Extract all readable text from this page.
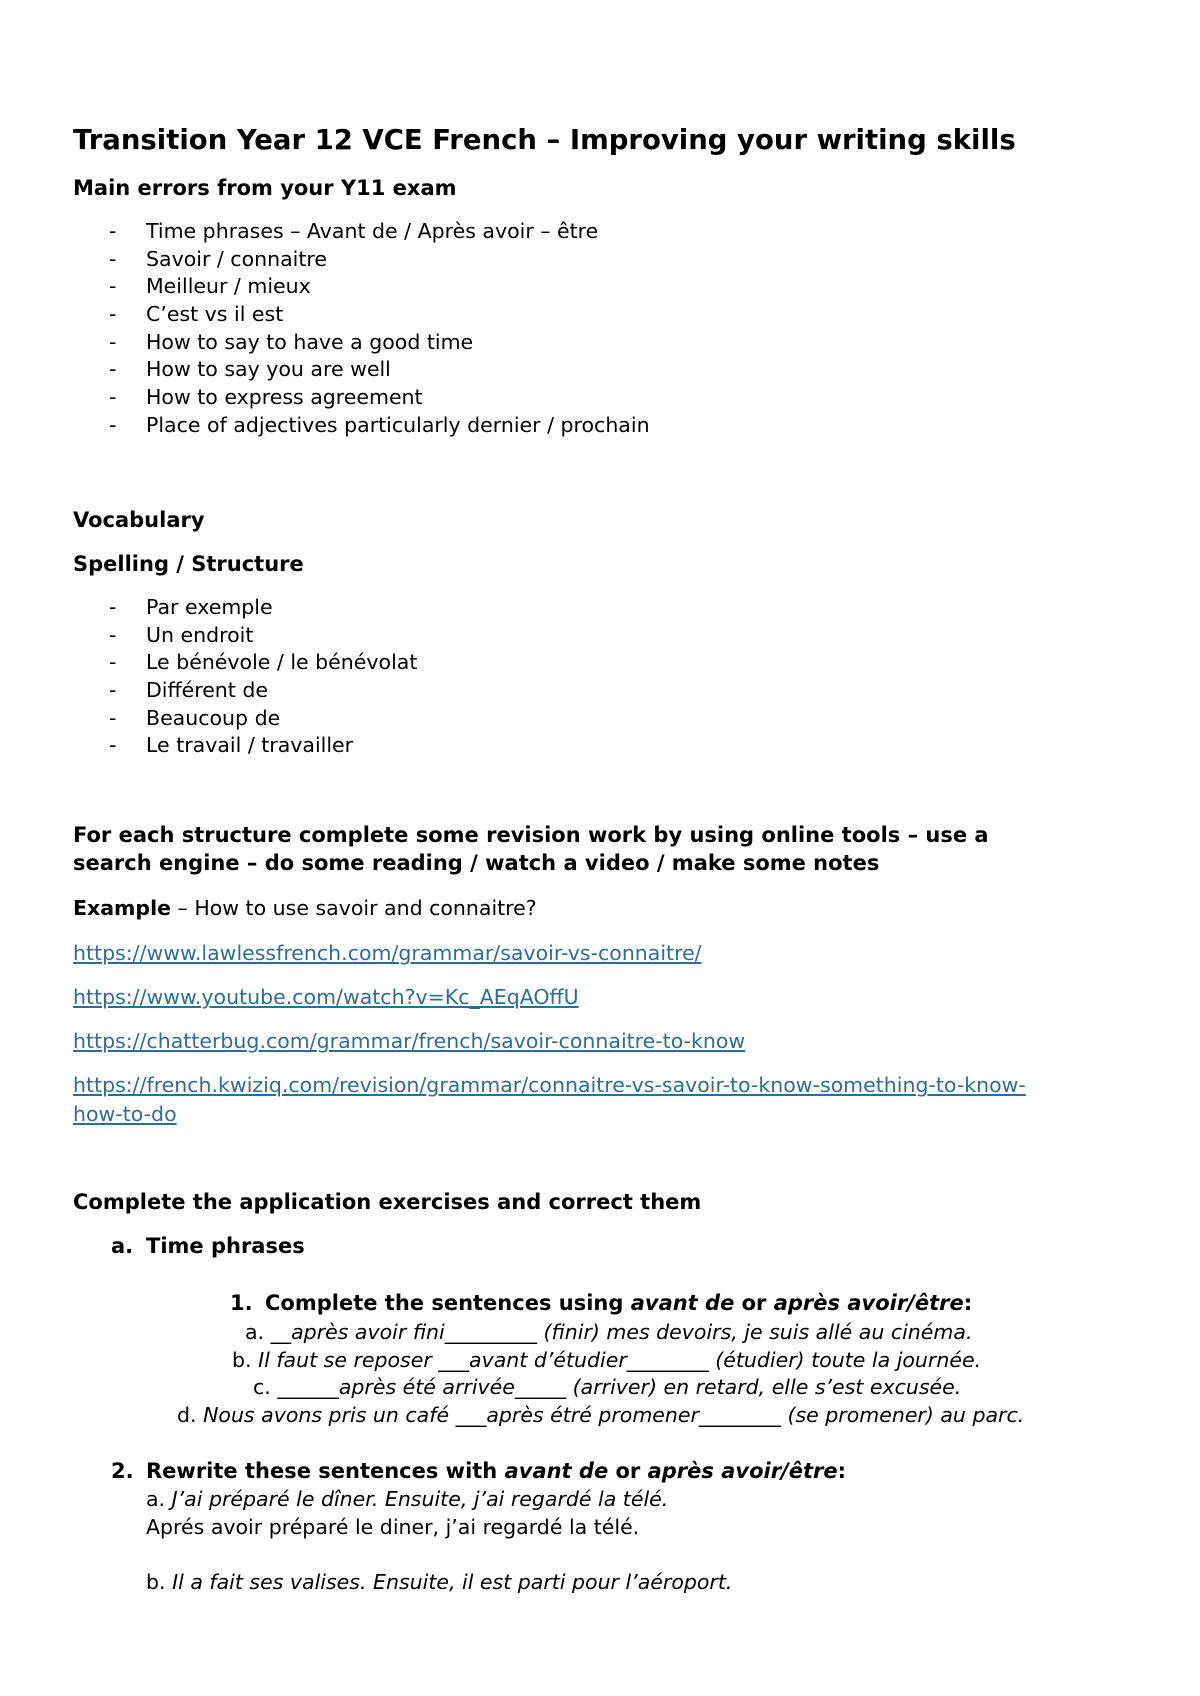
Transition Year 12 VCE French – Improving your writing skills
Main errors from your Y11 exam
- Time phrases – Avant de / Après avoir – être
- Savoir / connaitre
- Meilleur / mieux
- C’est vs il est
- How to say to have a good time
- How to say you are well
- How to express agreement
- Place of adjectives particularly dernier / prochain
Vocabulary
Spelling / Structure
- Par exemple
- Un endroit
- Le bénévole / le bénévolat
- Différent de
- Beaucoup de
- Le travail / travailler
For each structure complete some revision work by using online tools – use a
search engine – do some reading / watch a video / make some notes
Example – How to use savoir and connaitre?
https://www.lawlessfrench.com/grammar/savoir-vs-connaitre/
https://www.youtube.com/watch?v=Kc_AEqAOffU
https://chatterbug.com/grammar/french/savoir-connaitre-to-know
https://french.kwiziq.com/revision/grammar/connaitre-vs-savoir-to-know-something-to-know-
how-to-do
Complete the application exercises and correct them
a. Time phrases
1. Complete the sentences using avant de or après avoir/être:
a. __après avoir fini_________ (finir) mes devoirs, je suis allé au cinéma.
b. Il faut se reposer ___avant d’étudier________ (étudier) toute la journée.
c. ______après été arrivée_____ (arriver) en retard, elle s’est excusée.
d. Nous avons pris un café ___après étré promener________ (se promener) au parc.
2. Rewrite these sentences with avant de or après avoir/être:
a. J’ai préparé le dîner. Ensuite, j’ai regardé la télé.
Aprés avoir préparé le diner, j’ai regardé la télé.
b. Il a fait ses valises. Ensuite, il est parti pour l’aéroport.
